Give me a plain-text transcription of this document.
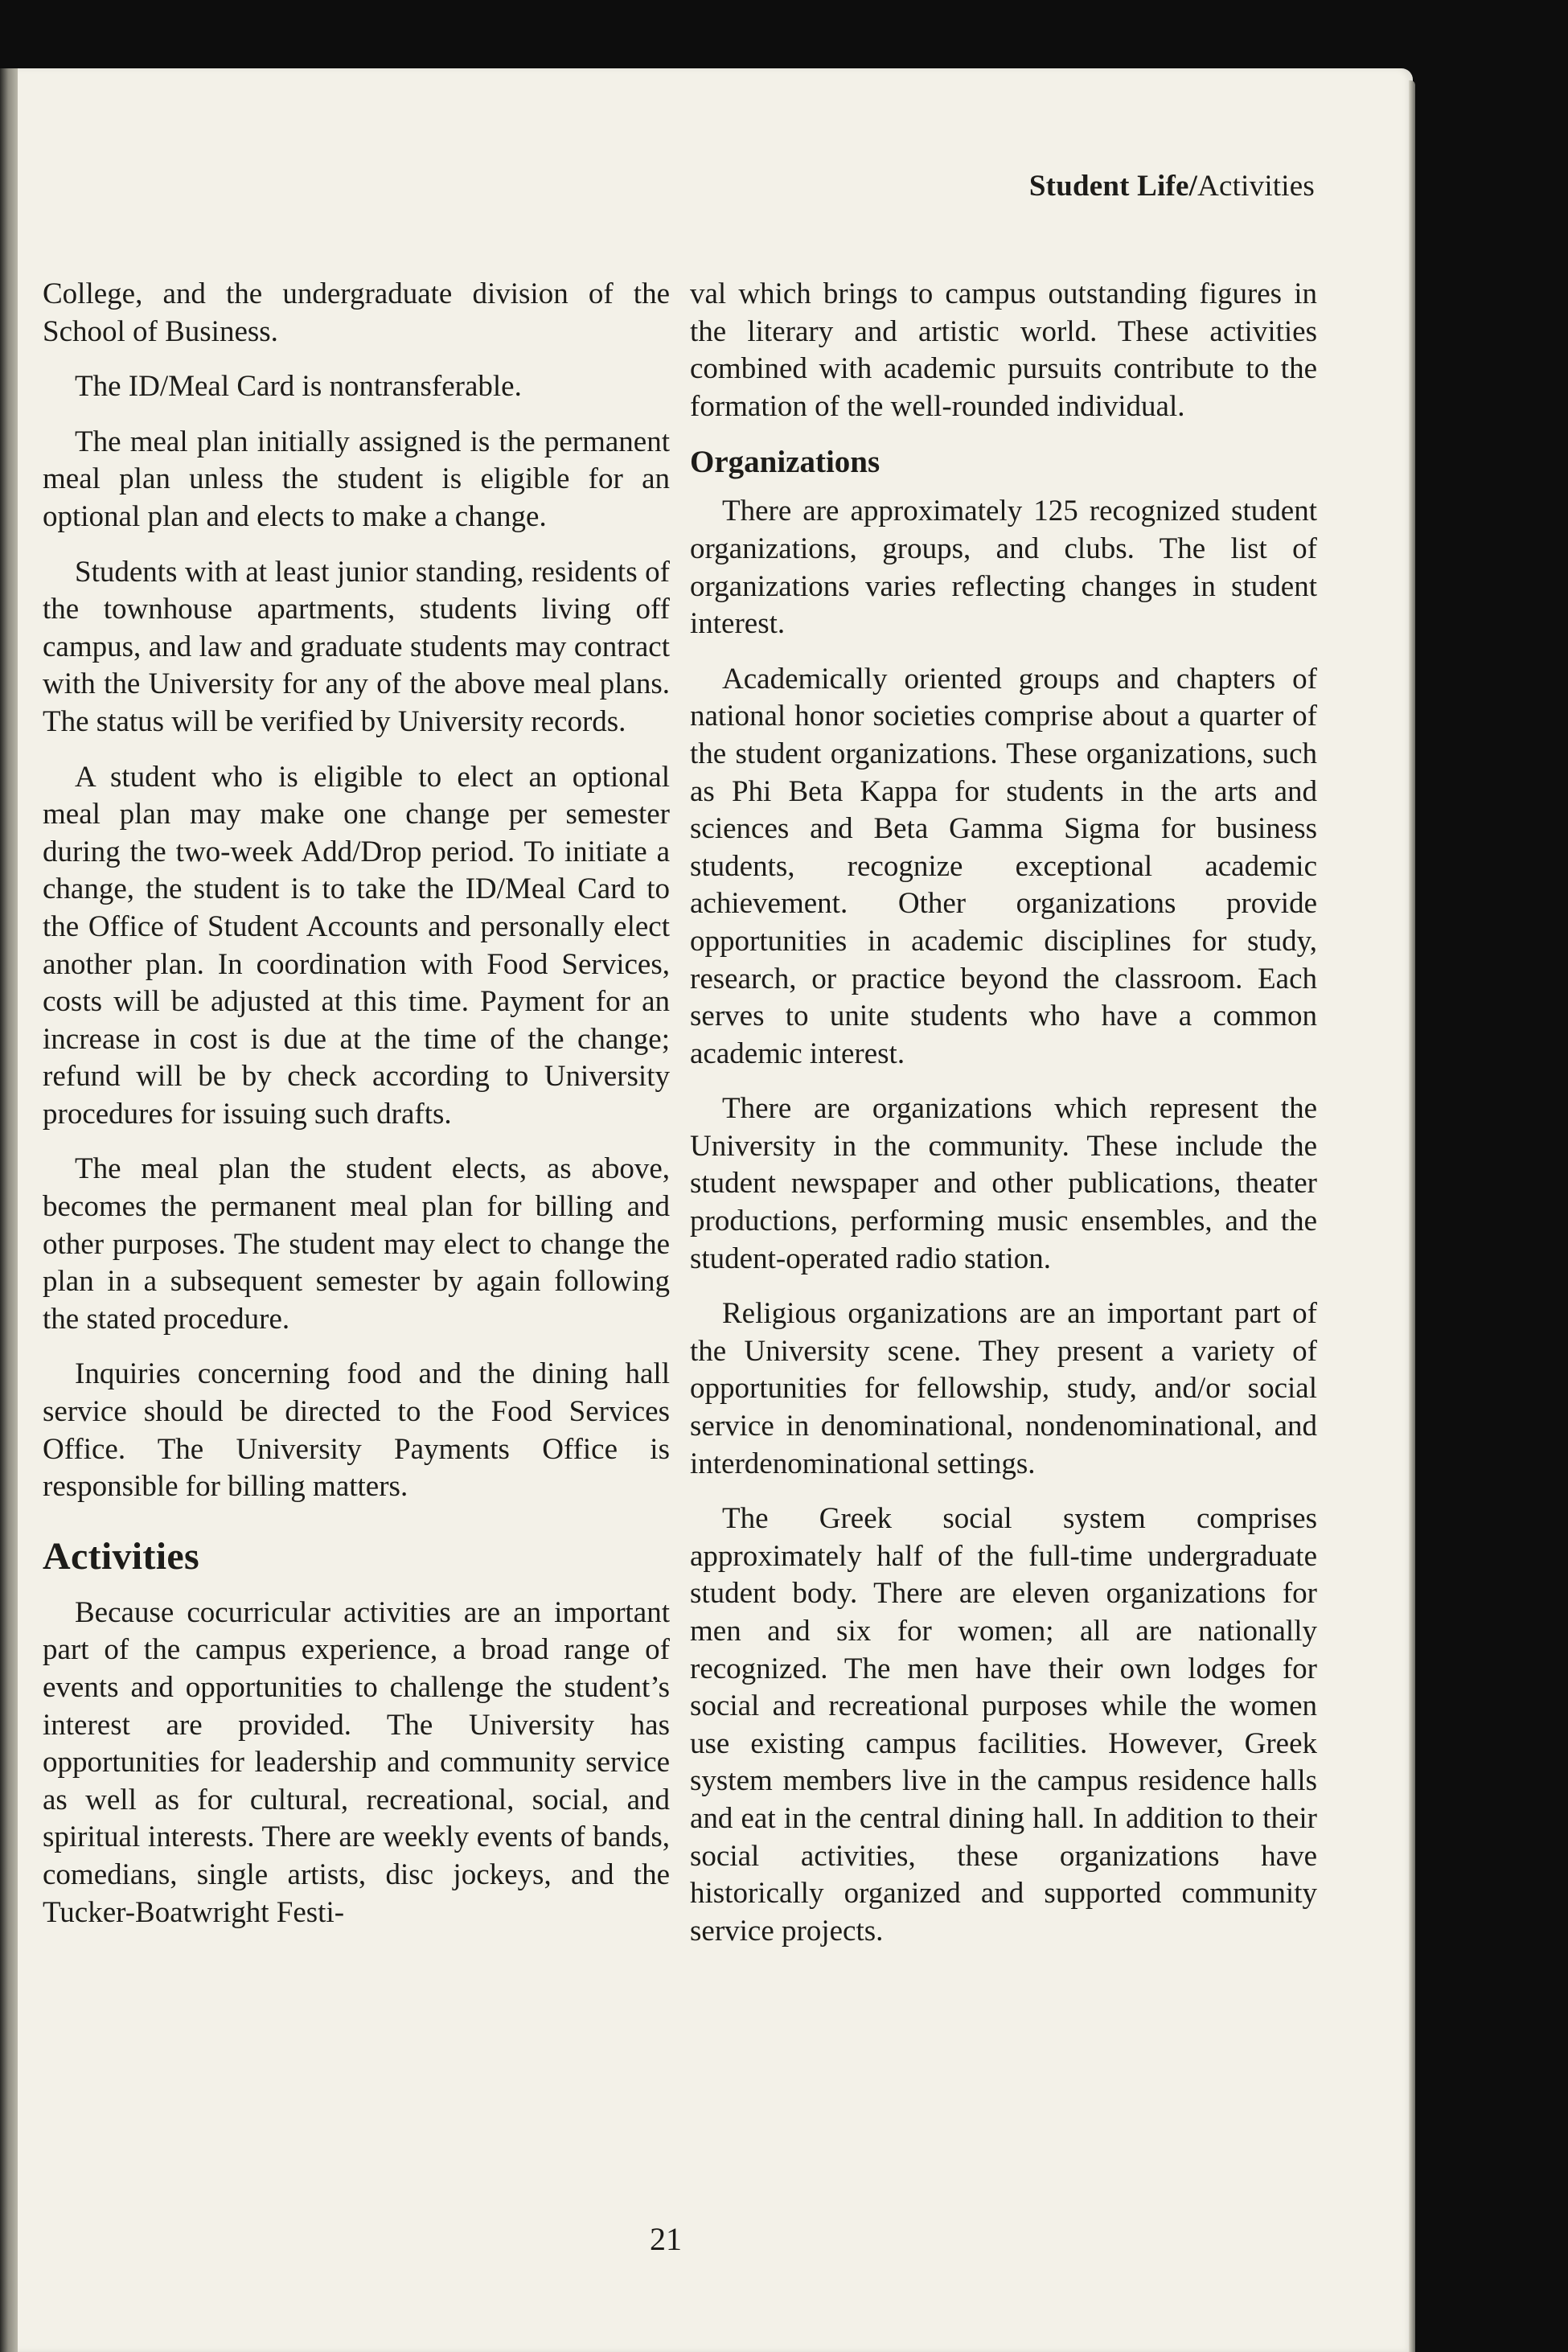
Student Life/Activities

College, and the undergraduate division of the School of Business.

The ID/Meal Card is nontransferable.

The meal plan initially assigned is the permanent meal plan unless the student is eligible for an optional plan and elects to make a change.

Students with at least junior standing, residents of the townhouse apartments, students living off campus, and law and graduate students may contract with the University for any of the above meal plans. The status will be verified by University records.

A student who is eligible to elect an optional meal plan may make one change per semester during the two-week Add/Drop period. To initiate a change, the student is to take the ID/Meal Card to the Office of Student Accounts and personally elect another plan. In coordination with Food Services, costs will be adjusted at this time. Payment for an increase in cost is due at the time of the change; refund will be by check according to University procedures for issuing such drafts.

The meal plan the student elects, as above, becomes the permanent meal plan for billing and other purposes. The student may elect to change the plan in a subsequent semester by again following the stated procedure.

Inquiries concerning food and the dining hall service should be directed to the Food Services Office. The University Payments Office is responsible for billing matters.

Activities

Because cocurricular activities are an important part of the campus experience, a broad range of events and opportunities to challenge the student’s interest are provided. The University has opportunities for leadership and community service as well as for cultural, recreational, social, and spiritual interests. There are weekly events of bands, comedians, single artists, disc jockeys, and the Tucker-Boatwright Festi-

val which brings to campus outstanding figures in the literary and artistic world. These activities combined with academic pursuits contribute to the formation of the well-rounded individual.

Organizations

There are approximately 125 recognized student organizations, groups, and clubs. The list of organizations varies reflecting changes in student interest.

Academically oriented groups and chapters of national honor societies comprise about a quarter of the student organizations. These organizations, such as Phi Beta Kappa for students in the arts and sciences and Beta Gamma Sigma for business students, recognize exceptional academic achievement. Other organizations provide opportunities in academic disciplines for study, research, or practice beyond the classroom. Each serves to unite students who have a common academic interest.

There are organizations which represent the University in the community. These include the student newspaper and other publications, theater productions, performing music ensembles, and the student-operated radio station.

Religious organizations are an important part of the University scene. They present a variety of opportunities for fellowship, study, and/or social service in denominational, nondenominational, and interdenominational settings.

The Greek social system comprises approximately half of the full-time undergraduate student body. There are eleven organizations for men and six for women; all are nationally recognized. The men have their own lodges for social and recreational purposes while the women use existing campus facilities. However, Greek system members live in the campus residence halls and eat in the central dining hall. In addition to their social activities, these organizations have historically organized and supported community service projects.

21
